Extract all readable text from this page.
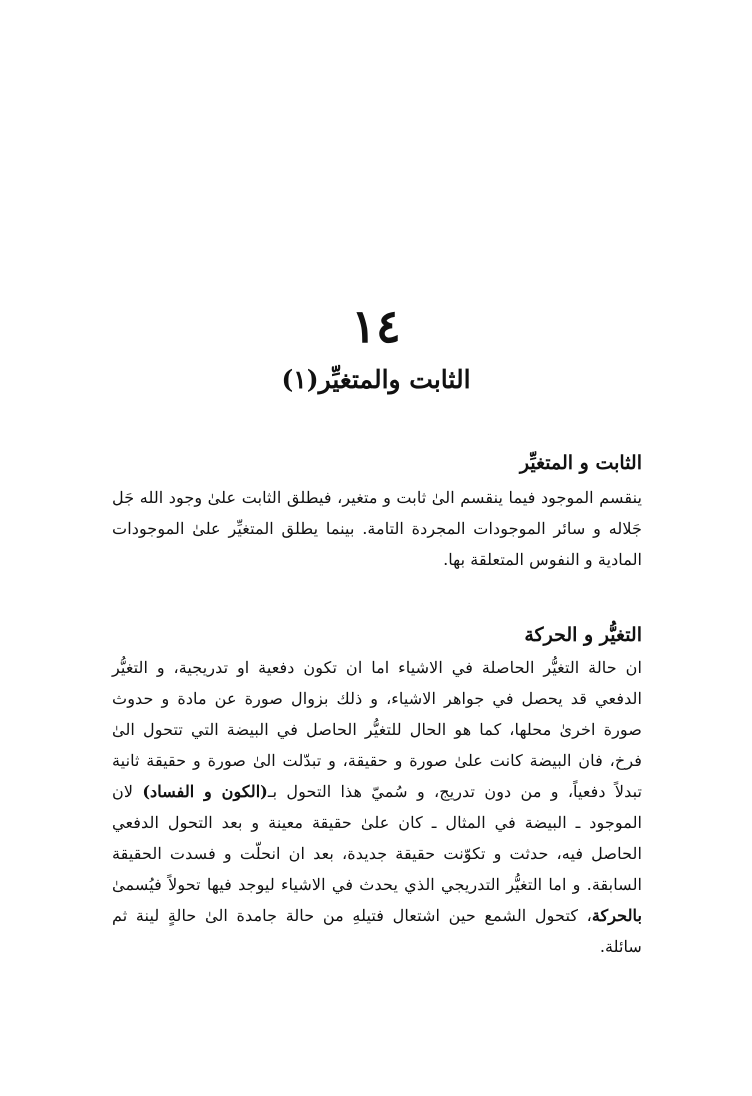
١٤
الثابت والمتغيِّر(١)
الثابت و المتغيِّر

ينقسم الموجود فيما ينقسم الىٰ ثابت و متغير، فيطلق الثابت علىٰ وجود الله جَل جَلاله و سائر الموجودات المجردة التامة. بينما يطلق المتغيِّر علىٰ الموجودات المادية و النفوس المتعلقة بها.

التغيُّر و الحركة

ان حالة التغيُّر الحاصلة في الاشياء اما ان تكون دفعية او تدريجية، و التغيُّر الدفعي قد يحصل في جواهر الاشياء، و ذلك بزوال صورة عن مادة و حدوث صورة اخرىٰ محلها، كما هو الحال للتغيُّر الحاصل في البيضة التي تتحول الىٰ فرخ، فان البيضة كانت علىٰ صورة و حقيقة، و تبدّلت الىٰ صورة و حقيقة ثانية تبدلاً دفعياً، و من دون تدريج، و سُميّ هذا التحول بـ(الكون و الفساد) لان الموجود ـ البيضة في المثال ـ كان علىٰ حقيقة معينة و بعد التحول الدفعي الحاصل فيه، حدثت و تكوّنت حقيقة جديدة، بعد ان انحلّت و فسدت الحقيقة السابقة. و اما التغيُّر التدريجي الذي يحدث في الاشياء ليوجد فيها تحولاً فيُسمىٰ بالحركة، كتحول الشمع حين اشتعال فتيلهِ من حالة جامدة الىٰ حالةٍ لينة ثم سائلة.
